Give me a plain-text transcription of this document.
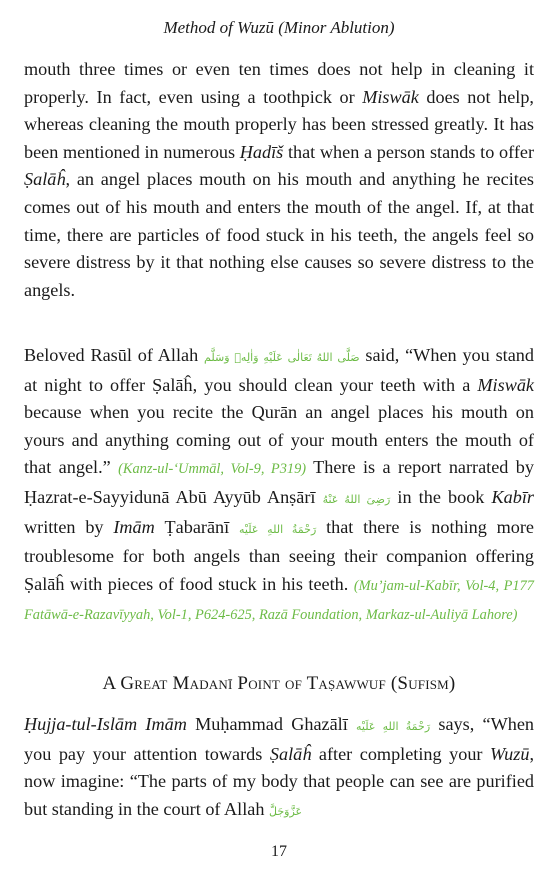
Method of Wuzū (Minor Ablution)

mouth three times or even ten times does not help in cleaning it properly. In fact, even using a toothpick or Miswāk does not help, whereas cleaning the mouth properly has been stressed greatly. It has been mentioned in numerous Ḥadīš that when a person stands to offer Ṣalāĥ, an angel places mouth on his mouth and anything he recites comes out of his mouth and enters the mouth of the angel. If, at that time, there are particles of food stuck in his teeth, the angels feel so severe distress by it that nothing else causes so severe distress to the angels.

Beloved Rasūl of Allah صَلَّى اللهُ تَعَالٰی عَلَيْهِ وَاٰلِهٖ وَسَلَّم said, “When you stand at night to offer Ṣalāĥ, you should clean your teeth with a Miswāk because when you recite the Qurān an angel places his mouth on yours and anything coming out of your mouth enters the mouth of that angel.” (Kanz-ul-‘Ummāl, Vol-9, P319) There is a report narrated by Ḥazrat-e-Sayyidunā Abū Ayyūb Anṣārī رَضِیَ اللهُ عَنْهُ in the book Kabīr written by Imām Ṭabarānī رَحْمَةُ اللهِ عَلَيْه that there is nothing more troublesome for both angels than seeing their companion offering Ṣalāĥ with pieces of food stuck in his teeth. (Mu’jam-ul-Kabīr, Vol-4, P177 Fatāwā-e-Razavīyyah, Vol-1, P624-625, Razā Foundation, Markaz-ul-Auliyā Lahore)

A Great Madanī Point of Taṣawwuf (Sufism)

Ḥujja-tul-Islām Imām Muḥammad Ghazālī رَحْمَةُ اللهِ عَلَيْه says, “When you pay your attention towards Ṣalāĥ after completing your Wuzū, now imagine: “The parts of my body that people can see are purified but standing in the court of Allah عَزَّوَجَلَّ

17
